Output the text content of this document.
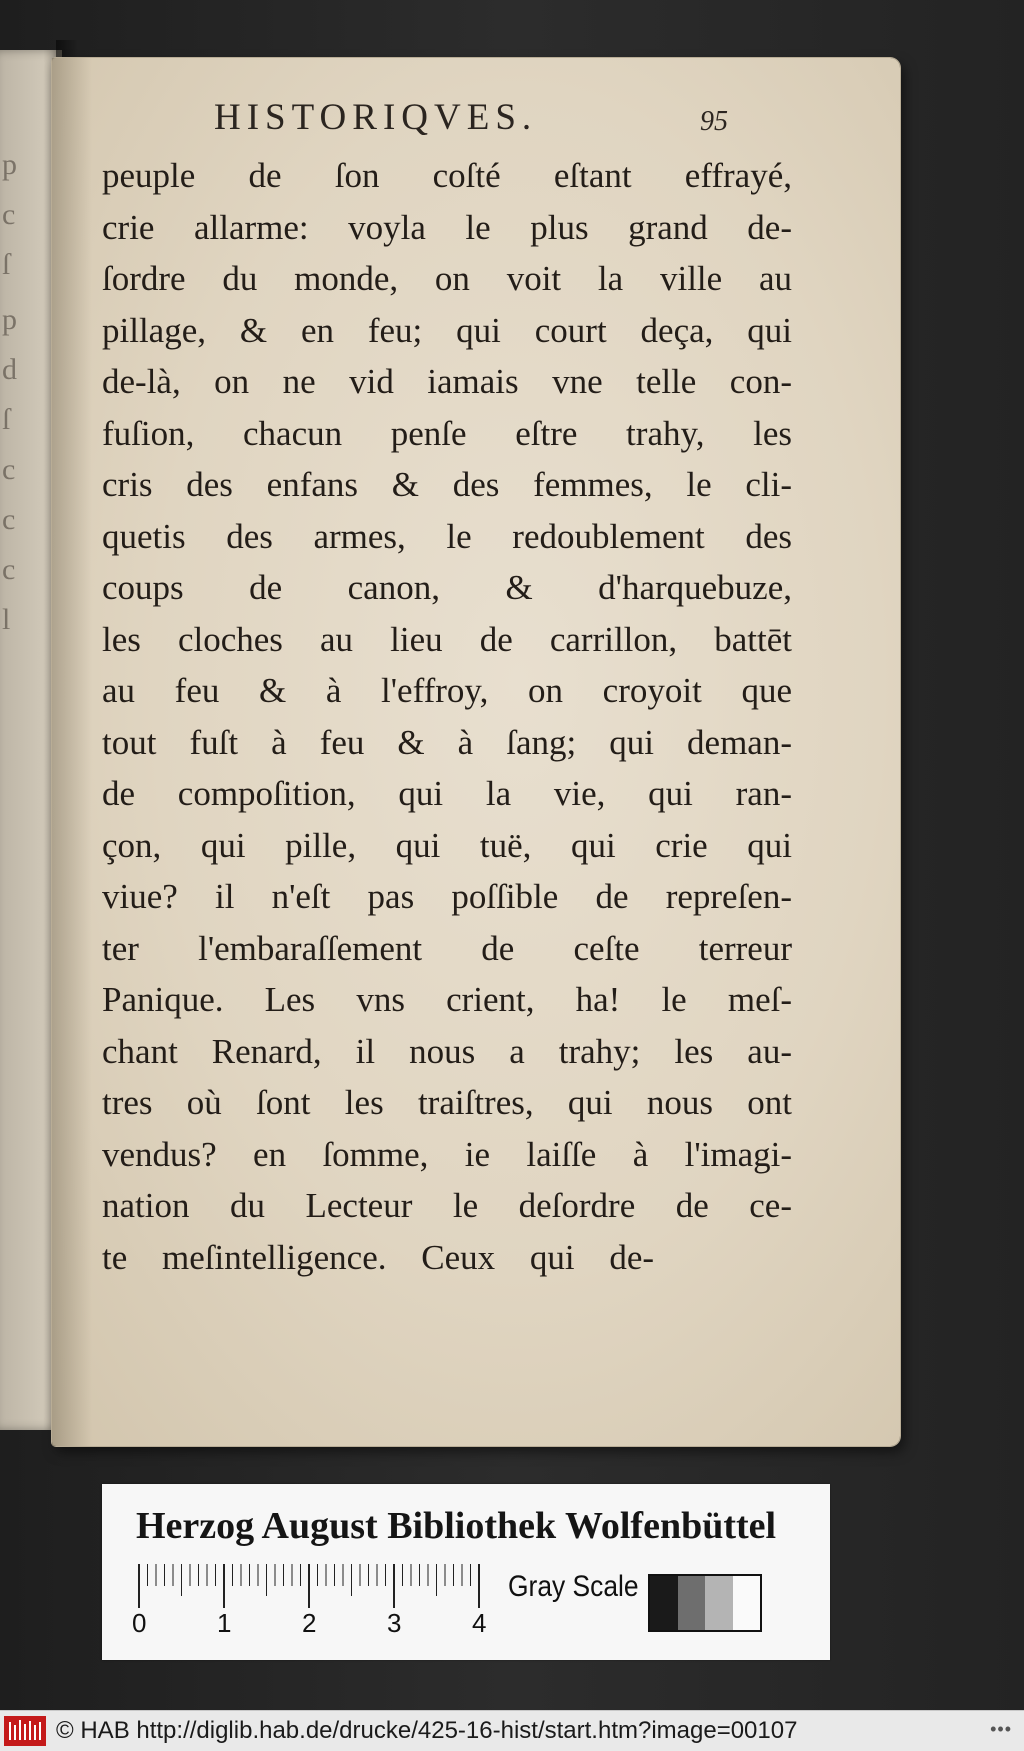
p
c
ſ
p
d
ſ
c
c
c
l
HISTORIQVES.	95
peuple de ſon coſté eſtant effrayé,
crie allarme: voyla le plus grand de-
ſordre du monde, on voit la ville au
pillage, & en feu; qui court deça, qui
de-là, on ne vid iamais vne telle con-
fuſion, chacun penſe eſtre trahy, les
cris des enfans & des femmes, le cli-
quetis des armes, le redoublement des
coups de canon, & d'harquebuze,
les cloches au lieu de carrillon, battēt
au feu & à l'effroy, on croyoit que
tout fuſt à feu & à ſang; qui deman-
de compoſition, qui la vie, qui ran-
çon, qui pille, qui tuë, qui crie qui
viue? il n'eſt pas poſſible de repreſen-
ter l'embaraſſement de ceſte terreur
Panique. Les vns crient, ha! le meſ-
chant Renard, il nous a trahy; les au-
tres où ſont les traiſtres, qui nous ont
vendus? en ſomme, ie laiſſe à l'imagi-
nation du Lecteur le deſordre de ce-
te meſintelligence. Ceux qui de-
Herzog August Bibliothek Wolfenbüttel
0	1	2	3	4
Gray Scale
© HAB http://diglib.hab.de/drucke/425-16-hist/start.htm?image=00107	•••
